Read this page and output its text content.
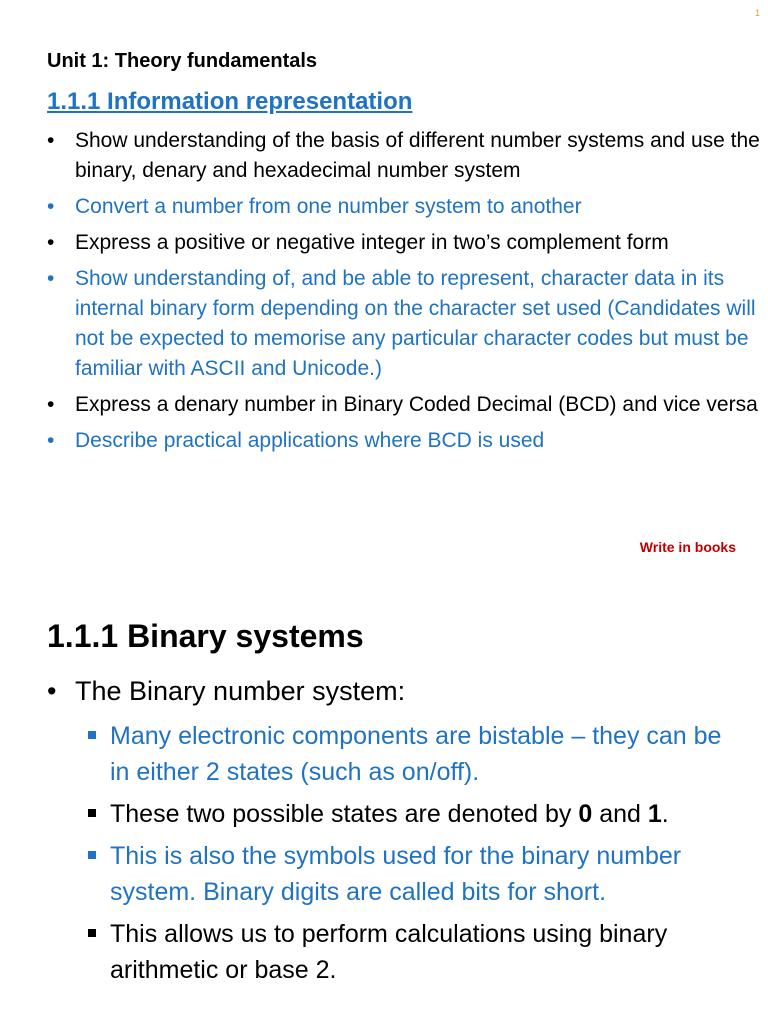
1
Unit 1: Theory fundamentals
1.1.1 Information representation
• Show understanding of the basis of different number systems and use the binary, denary and hexadecimal number system
• Convert a number from one number system to another
• Express a positive or negative integer in two’s complement form
• Show understanding of, and be able to represent, character data in its internal binary form depending on the character set used (Candidates will not be expected to memorise any particular character codes but must be familiar with ASCII and Unicode.)
• Express a denary number in Binary Coded Decimal (BCD) and vice versa
• Describe practical applications where BCD is used
Write in books
1.1.1 Binary systems
• The Binary number system:
Many electronic components are bistable – they can be in either 2 states (such as on/off).
These two possible states are denoted by 0 and 1.
This is also the symbols used for the binary number system. Binary digits are called bits for short.
This allows us to perform calculations using binary arithmetic or base 2.
